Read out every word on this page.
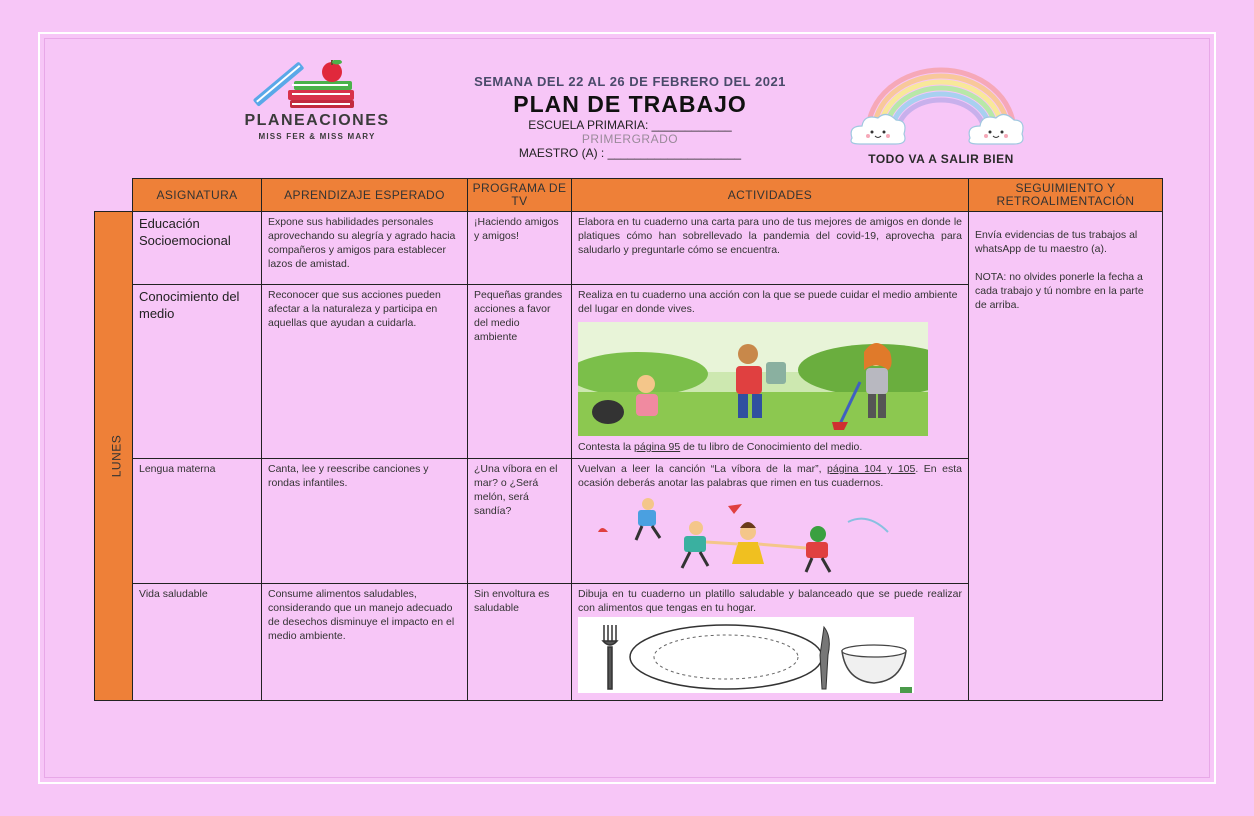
PLANEACIONES
MISS FER & MISS MARY
SEMANA DEL 22 AL 26 DE FEBRERO DEL 2021
PLAN DE TRABAJO
ESCUELA PRIMARIA: ____________
PRIMERGRADO
MAESTRO (A) : ____________________	TODO VA A SALIR BIEN
	ASIGNATURA	APRENDIZAJE ESPERADO	PROGRAMA DE TV	ACTIVIDADES	SEGUIMIENTO Y RETROALIMENTACIÓN
LUNES	Educación Socioemocional	Expone sus habilidades personales aprovechando su alegría y agrado hacia compañeros y amigos para establecer lazos de amistad.	¡Haciendo amigos y amigos!	Elabora en tu cuaderno una carta para uno de tus mejores de amigos en donde le platiques cómo han sobrellevado la pandemia del covid-19, aprovecha para saludarlo y preguntarle cómo se encuentra.	Envía evidencias de tus trabajos al whatsApp de tu maestro (a).
NOTA: no olvides ponerle la fecha a cada trabajo y tú nombre en la parte de arriba.

	Conocimiento del medio	Reconocer que sus acciones pueden afectar a la naturaleza y participa en aquellas que ayudan a cuidarla.	Pequeñas grandes acciones a favor del medio ambiente	Realiza en tu cuaderno una acción con la que se puede cuidar el medio ambiente del lugar en donde vives.
Contesta la página 95 de tu libro de Conocimiento del medio.	

	Lengua materna	Canta, lee y reescribe canciones y rondas infantiles.	¿Una víbora en el mar? o ¿Será melón, será sandía?	Vuelvan a leer la canción “La víbora de la mar”, página 104 y 105. En esta ocasión deberás anotar las palabras que rimen en tus cuadernos.	

	Vida saludable	Consume alimentos saludables, considerando que un manejo adecuado de desechos disminuye el impacto en el medio ambiente.	Sin envoltura es saludable	Dibuja en tu cuaderno un platillo saludable y balanceado que se puede realizar con alimentos que tengas en tu hogar.	
